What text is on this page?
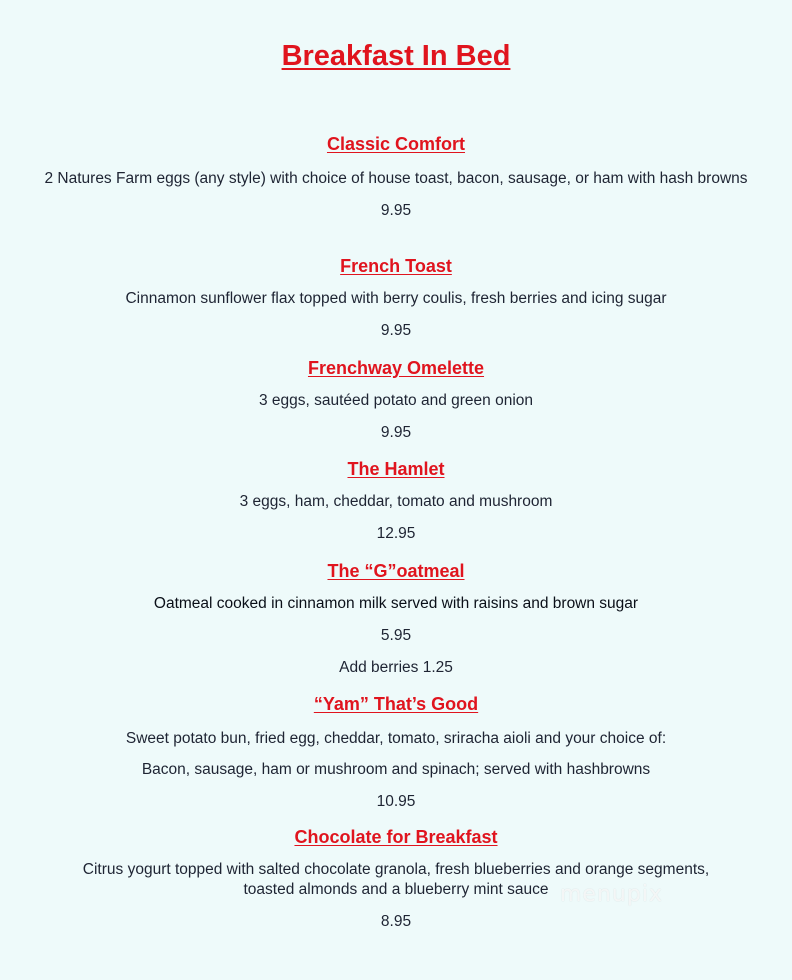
Breakfast In Bed
Classic Comfort
2 Natures Farm eggs (any style) with choice of house toast, bacon, sausage, or ham with hash browns
9.95
French Toast
Cinnamon sunflower flax topped with berry coulis, fresh berries and icing sugar
9.95
Frenchway Omelette
3 eggs, sautéed potato and green onion
9.95
The Hamlet
3 eggs, ham, cheddar, tomato and mushroom
12.95
The “G”oatmeal
Oatmeal cooked in cinnamon milk served with raisins and brown sugar
5.95
Add berries 1.25
“Yam” That’s Good
Sweet potato bun, fried egg, cheddar, tomato, sriracha aioli and your choice of:
Bacon, sausage, ham or mushroom and spinach; served with hashbrowns
10.95
Chocolate for Breakfast
Citrus yogurt topped with salted chocolate granola, fresh blueberries and orange segments, toasted almonds and a blueberry mint sauce
8.95
menupix
